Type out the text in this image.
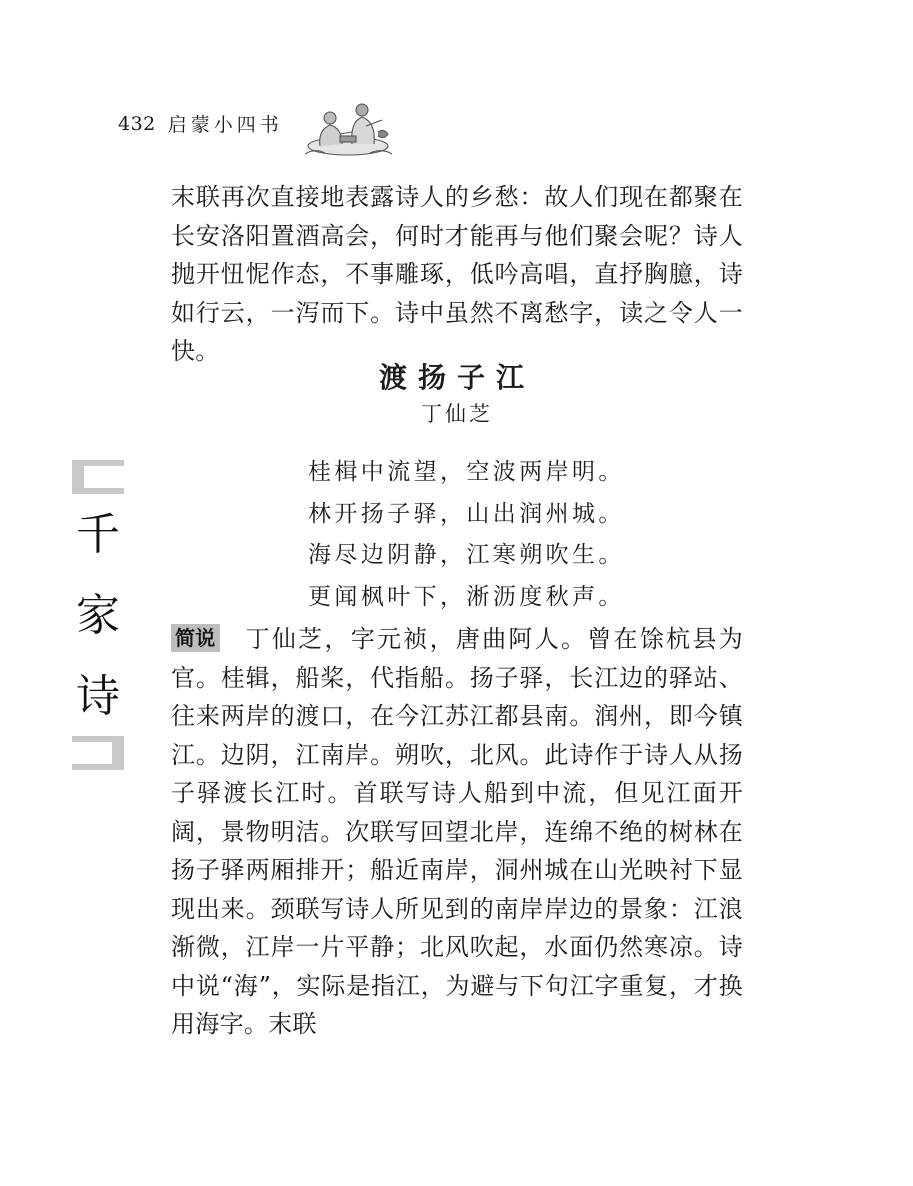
432 启蒙小四书

末联再次直接地表露诗人的乡愁：故人们现在都聚在长安洛阳置酒高会，何时才能再与他们聚会呢？诗人抛开忸怩作态，不事雕琢，低吟高唱，直抒胸臆，诗如行云，一泻而下。诗中虽然不离愁字，读之令人一快。

渡扬子江
丁仙芝
桂楫中流望，空波两岸明。
林开扬子驿，山出润州城。
海尽边阴静，江寒朔吹生。
更闻枫叶下，淅沥度秋声。

简说 丁仙芝，字元祯，唐曲阿人。曾在馀杭县为官。桂辑，船桨，代指船。扬子驿，长江边的驿站、往来两岸的渡口，在今江苏江都县南。润州，即今镇江。边阴，江南岸。朔吹，北风。此诗作于诗人从扬子驿渡长江时。首联写诗人船到中流，但见江面开阔，景物明洁。次联写回望北岸，连绵不绝的树林在扬子驿两厢排开；船近南岸，洞州城在山光映衬下显现出来。颈联写诗人所见到的南岸岸边的景象：江浪渐微，江岸一片平静；北风吹起，水面仍然寒凉。诗中说“海”，实际是指江，为避与下句江字重复，才换用海字。末联

千
家
诗
